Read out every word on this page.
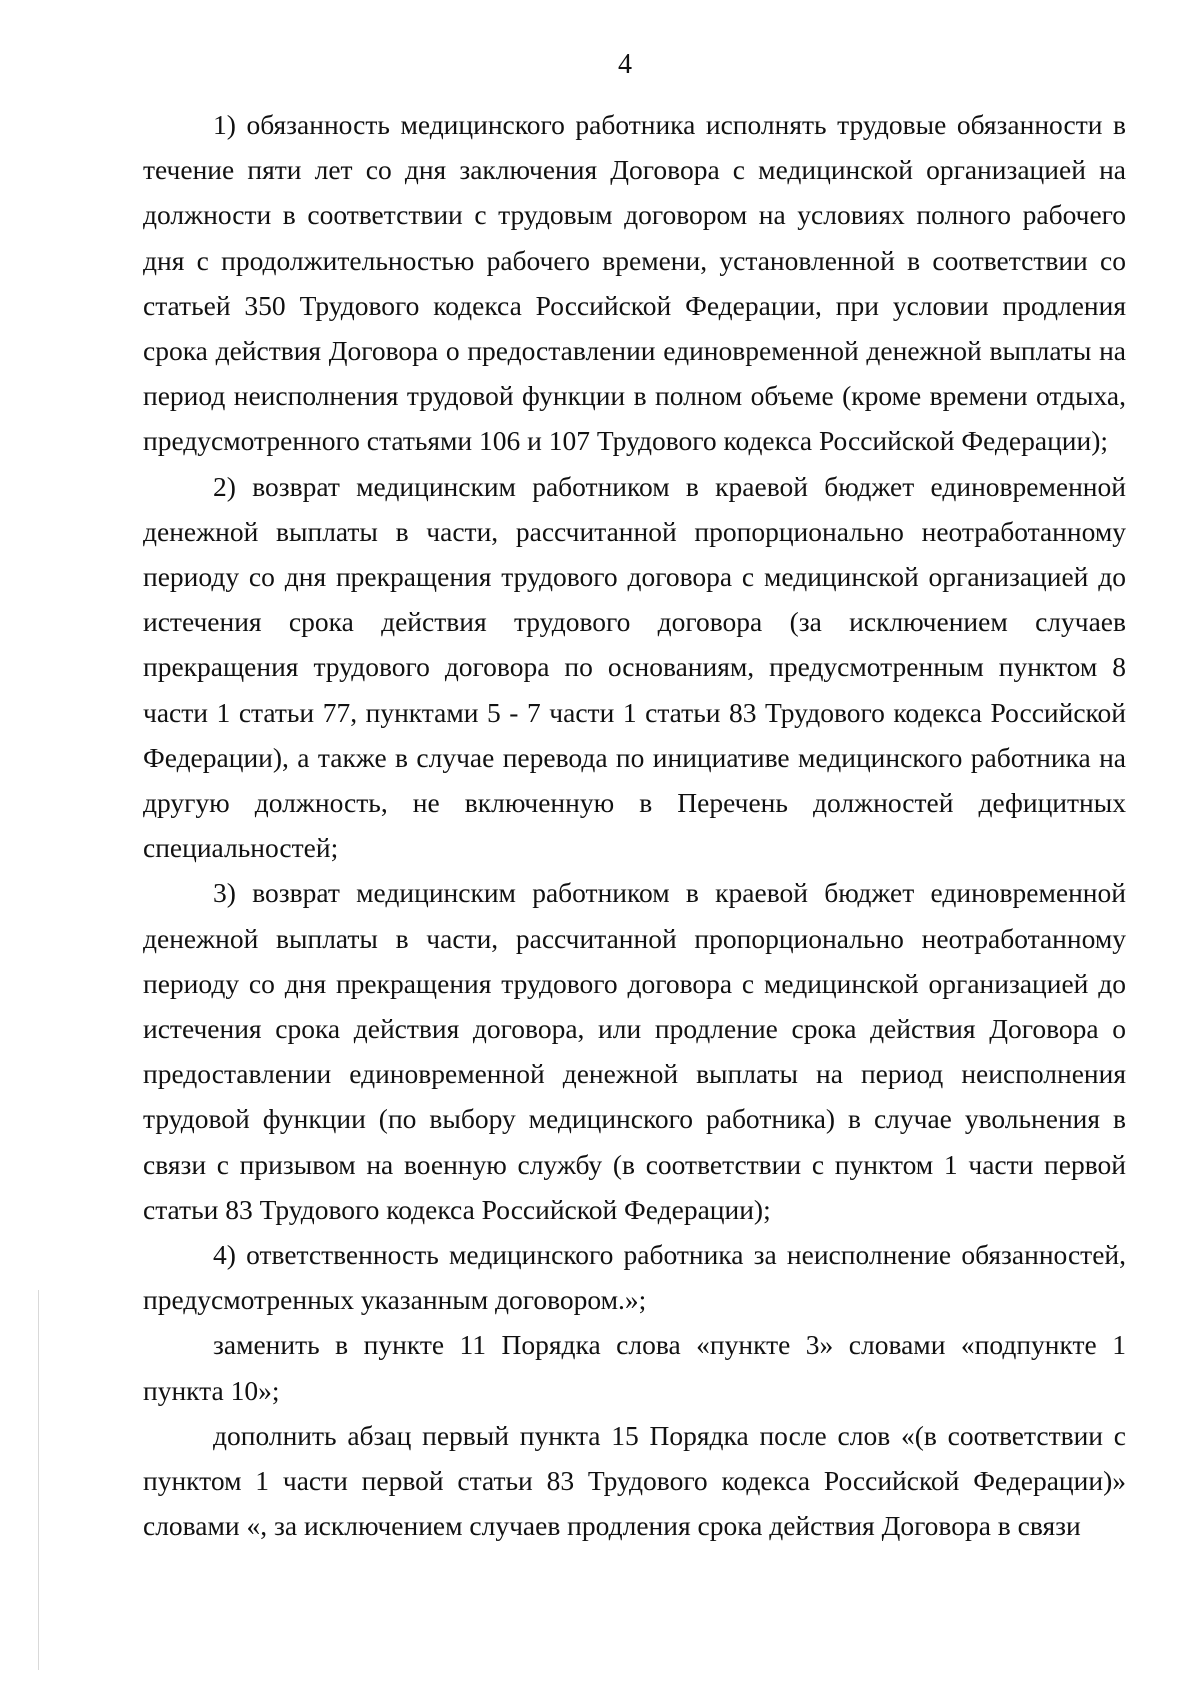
4

1) обязанность медицинского работника исполнять трудовые обязанности в течение пяти лет со дня заключения Договора с медицинской организацией на должности в соответствии с трудовым договором на условиях полного рабочего дня с продолжительностью рабочего времени, установленной в соответствии со статьей 350 Трудового кодекса Российской Федерации, при условии продления срока действия Договора о предоставлении единовременной денежной выплаты на период неисполнения трудовой функции в полном объеме (кроме времени отдыха, предусмотренного статьями 106 и 107 Трудового кодекса Российской Федерации);

2) возврат медицинским работником в краевой бюджет единовременной денежной выплаты в части, рассчитанной пропорционально неотработанному периоду со дня прекращения трудового договора с медицинской организацией до истечения срока действия трудового договора (за исключением случаев прекращения трудового договора по основаниям, предусмотренным пунктом 8 части 1 статьи 77, пунктами 5 - 7 части 1 статьи 83 Трудового кодекса Российской Федерации), а также в случае перевода по инициативе медицинского работника на другую должность, не включенную в Перечень должностей дефицитных специальностей;

3) возврат медицинским работником в краевой бюджет единовременной денежной выплаты в части, рассчитанной пропорционально неотработанному периоду со дня прекращения трудового договора с медицинской организацией до истечения срока действия договора, или продление срока действия Договора о предоставлении единовременной денежной выплаты на период неисполнения трудовой функции (по выбору медицинского работника) в случае увольнения в связи с призывом на военную службу (в соответствии с пунктом 1 части первой статьи 83 Трудового кодекса Российской Федерации);

4) ответственность медицинского работника за неисполнение обязанностей, предусмотренных указанным договором.»;

заменить в пункте 11 Порядка слова «пункте 3» словами «подпункте 1 пункта 10»;

дополнить абзац первый пункта 15 Порядка после слов «(в соответствии с пунктом 1 части первой статьи 83 Трудового кодекса Российской Федерации)» словами «, за исключением случаев продления срока действия Договора в связи
